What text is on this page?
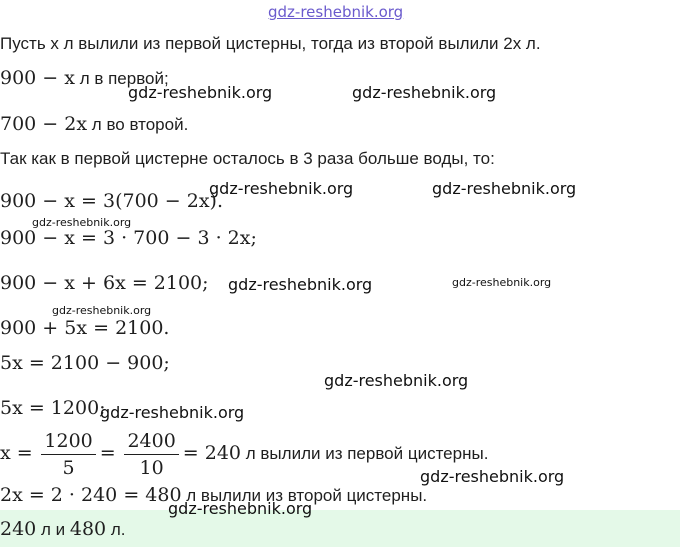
gdz-reshebnik.org
gdz-reshebnik.org	gdz-reshebnik.org
gdz-reshebnik.org	gdz-reshebnik.org
gdz-reshebnik.org
gdz-reshebnik.org	gdz-reshebnik.org
gdz-reshebnik.org
gdz-reshebnik.org
gdz-reshebnik.org
gdz-reshebnik.org
gdz-reshebnik.org
Пусть x л вылили из первой цистерны, тогда из второй вылили 2x л.
900 − x л в первой;
700 − 2x л во второй.
Так как в первой цистерне осталось в 3 раза больше воды, то:
900 − x = 3(700 − 2x).
900 − x = 3 · 700 − 3 · 2x;
900 − x + 6x = 2100;
900 + 5x = 2100.
5x = 2100 − 900;
5x = 1200;
$x = \frac{1200}{5} = \frac{2400}{10} = 240$ л вылили из первой цистерны.
2x = 2 · 240 = 480 л вылили из второй цистерны.
240 л и 480 л.
